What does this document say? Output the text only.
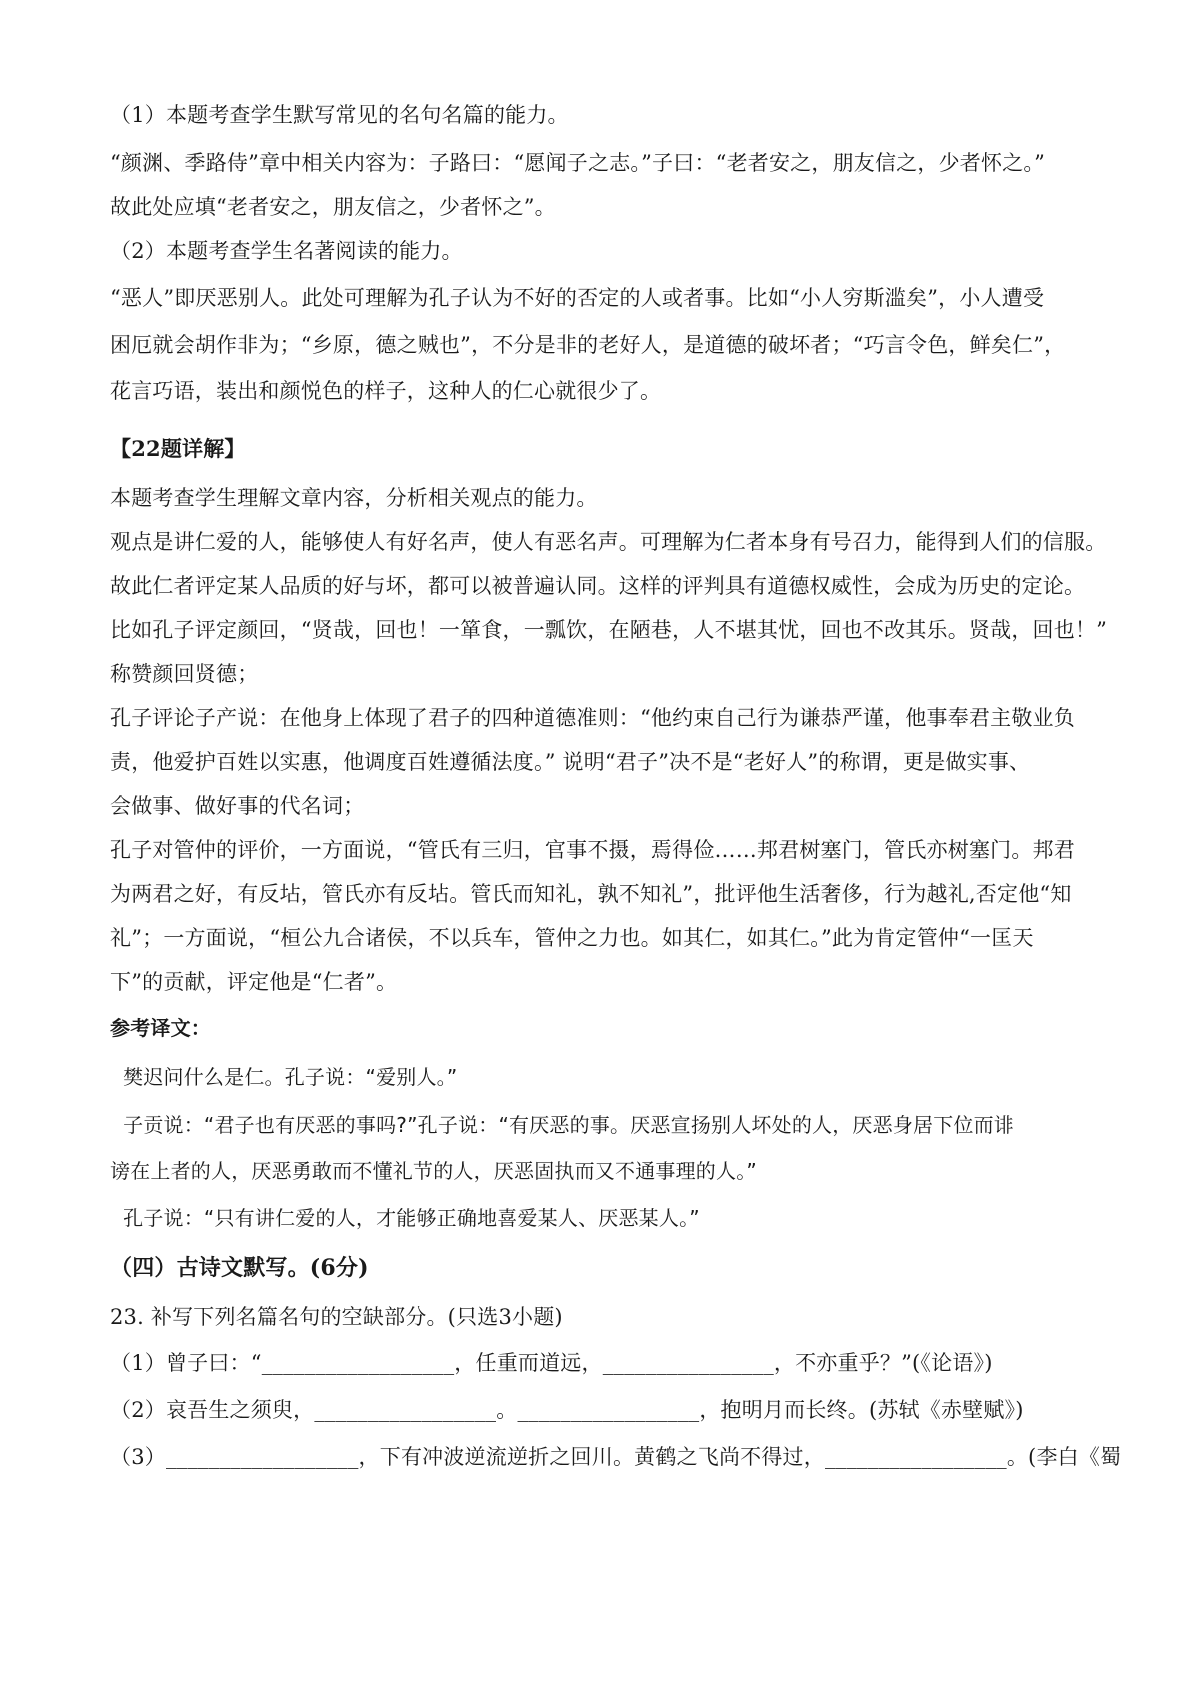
（1）本题考查学生默写常见的名句名篇的能力。
“颜渊、季路侍”章中相关内容为：子路曰：“愿闻子之志。”子曰：“老者安之，朋友信之，少者怀之。”
故此处应填“老者安之，朋友信之，少者怀之”。
（2）本题考查学生名著阅读的能力。
“恶人”即厌恶别人。此处可理解为孔子认为不好的否定的人或者事。比如“小人穷斯滥矣”，小人遭受
困厄就会胡作非为；“乡原，德之贼也”，不分是非的老好人，是道德的破坏者；“巧言令色，鲜矣仁”，
花言巧语，装出和颜悦色的样子，这种人的仁心就很少了。
【22题详解】
本题考查学生理解文章内容，分析相关观点的能力。
观点是讲仁爱的人，能够使人有好名声，使人有恶名声。可理解为仁者本身有号召力，能得到人们的信服。
故此仁者评定某人品质的好与坏，都可以被普遍认同。这样的评判具有道德权威性，会成为历史的定论。
比如孔子评定颜回，“贤哉，回也！一箪食，一瓢饮，在陋巷，人不堪其忧，回也不改其乐。贤哉，回也！”
称赞颜回贤德；
孔子评论子产说：在他身上体现了君子的四种道德准则：“他约束自己行为谦恭严谨，他事奉君主敬业负
责，他爱护百姓以实惠，他调度百姓遵循法度。” 说明“君子”决不是“老好人”的称谓，更是做实事、
会做事、做好事的代名词；
孔子对管仲的评价，一方面说，“管氏有三归，官事不摄，焉得俭……邦君树塞门，管氏亦树塞门。邦君
为两君之好，有反坫，管氏亦有反坫。管氏而知礼，孰不知礼”，批评他生活奢侈，行为越礼,否定他“知
礼”；一方面说，“桓公九合诸侯，不以兵车，管仲之力也。如其仁，如其仁。”此为肯定管仲“一匡天
下”的贡献，评定他是“仁者”。
参考译文：
樊迟问什么是仁。孔子说：“爱别人。”
子贡说：“君子也有厌恶的事吗?”孔子说：“有厌恶的事。厌恶宣扬别人坏处的人，厌恶身居下位而诽
谤在上者的人，厌恶勇敢而不懂礼节的人，厌恶固执而又不通事理的人。”
孔子说：“只有讲仁爱的人，才能够正确地喜爱某人、厌恶某人。”
（四）古诗文默写。(6分)
23. 补写下列名篇名句的空缺部分。(只选3小题)
（1）曾子曰：“__________________，任重而道远，________________，不亦重乎？”(《论语》)
（2）哀吾生之须臾，_________________。_________________，抱明月而长终。(苏轼《赤壁赋》)
（3）__________________，下有冲波逆流逆折之回川。黄鹤之飞尚不得过，_________________。(李白《蜀
